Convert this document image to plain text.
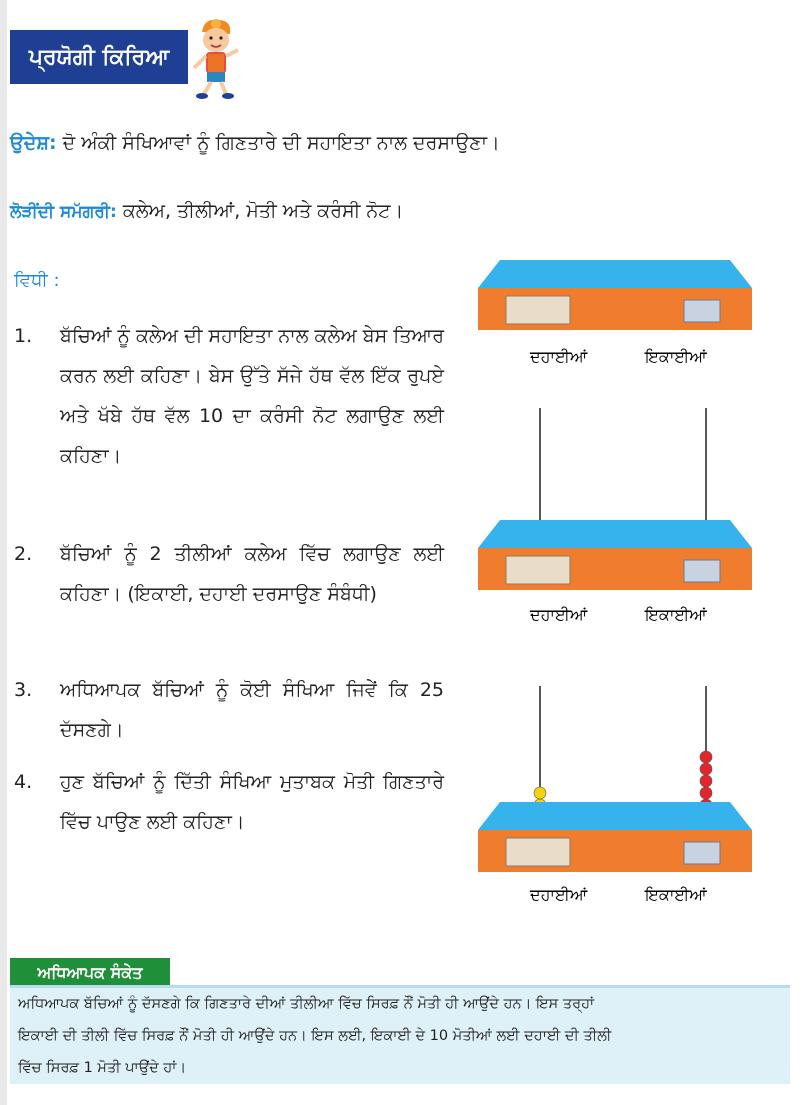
ਪ੍ਰਯੋਗੀ ਕਿਰਿਆ
ਉਦੇਸ਼: ਦੋ ਅੰਕੀ ਸੰਖਿਆਵਾਂ ਨੂੰ ਗਿਣਤਾਰੇ ਦੀ ਸਹਾਇਤਾ ਨਾਲ ਦਰਸਾਉਣਾ।
ਲੋੜੀਂਦੀ ਸਮੱਗਰੀ: ਕਲੇਅ, ਤੀਲੀਆਂ, ਮੋਤੀ ਅਤੇ ਕਰੰਸੀ ਨੋਟ।
ਵਿਧੀ :
1.	ਬੱਚਿਆਂ ਨੂੰ ਕਲੇਅ ਦੀ ਸਹਾਇਤਾ ਨਾਲ ਕਲੇਅ ਬੇਸ ਤਿਆਰ ਕਰਨ ਲਈ ਕਹਿਣਾ। ਬੇਸ ਉੱਤੇ ਸੱਜੇ ਹੱਥ ਵੱਲ ਇੱਕ ਰੁਪਏ ਅਤੇ ਖੱਬੇ ਹੱਥ ਵੱਲ 10 ਦਾ ਕਰੰਸੀ ਨੋਟ ਲਗਾਉਣ ਲਈ ਕਹਿਣਾ।
2.	ਬੱਚਿਆਂ ਨੂੰ 2 ਤੀਲੀਆਂ ਕਲੇਅ ਵਿੱਚ ਲਗਾਉਣ ਲਈ ਕਹਿਣਾ। (ਇਕਾਈ, ਦਹਾਈ ਦਰਸਾਉਣ ਸੰਬੰਧੀ)
3.	ਅਧਿਆਪਕ ਬੱਚਿਆਂ ਨੂੰ ਕੋਈ ਸੰਖਿਆ ਜਿਵੇਂ ਕਿ 25 ਦੱਸਣਗੇ।
4.	ਹੁਣ ਬੱਚਿਆਂ ਨੂੰ ਦਿੱਤੀ ਸੰਖਿਆ ਮੁਤਾਬਕ ਮੋਤੀ ਗਿਣਤਾਰੇ ਵਿੱਚ ਪਾਉਣ ਲਈ ਕਹਿਣਾ।
ਦਹਾਈਆਂ	ਇਕਾਈਆਂ
ਦਹਾਈਆਂ	ਇਕਾਈਆਂ
ਦਹਾਈਆਂ	ਇਕਾਈਆਂ
ਅਧਿਆਪਕ ਸੰਕੇਤ
ਅਧਿਆਪਕ ਬੱਚਿਆਂ ਨੂੰ ਦੱਸਣਗੇ ਕਿ ਗਿਣਤਾਰੇ ਦੀਆਂ ਤੀਲੀਆ ਵਿੱਚ ਸਿਰਫ਼ ਨੌਂ ਮੋਤੀ ਹੀ ਆਉਂਦੇ ਹਨ। ਇਸ ਤਰ੍ਹਾਂ
ਇਕਾਈ ਦੀ ਤੀਲੀ ਵਿੱਚ ਸਿਰਫ਼ ਨੌਂ ਮੋਤੀ ਹੀ ਆਉਂਦੇ ਹਨ। ਇਸ ਲਈ, ਇਕਾਈ ਦੇ 10 ਮੋਤੀਆਂ ਲਈ ਦਹਾਈ ਦੀ ਤੀਲੀ
ਵਿੱਚ ਸਿਰਫ਼ 1 ਮੋਤੀ ਪਾਉਂਦੇ ਹਾਂ।
